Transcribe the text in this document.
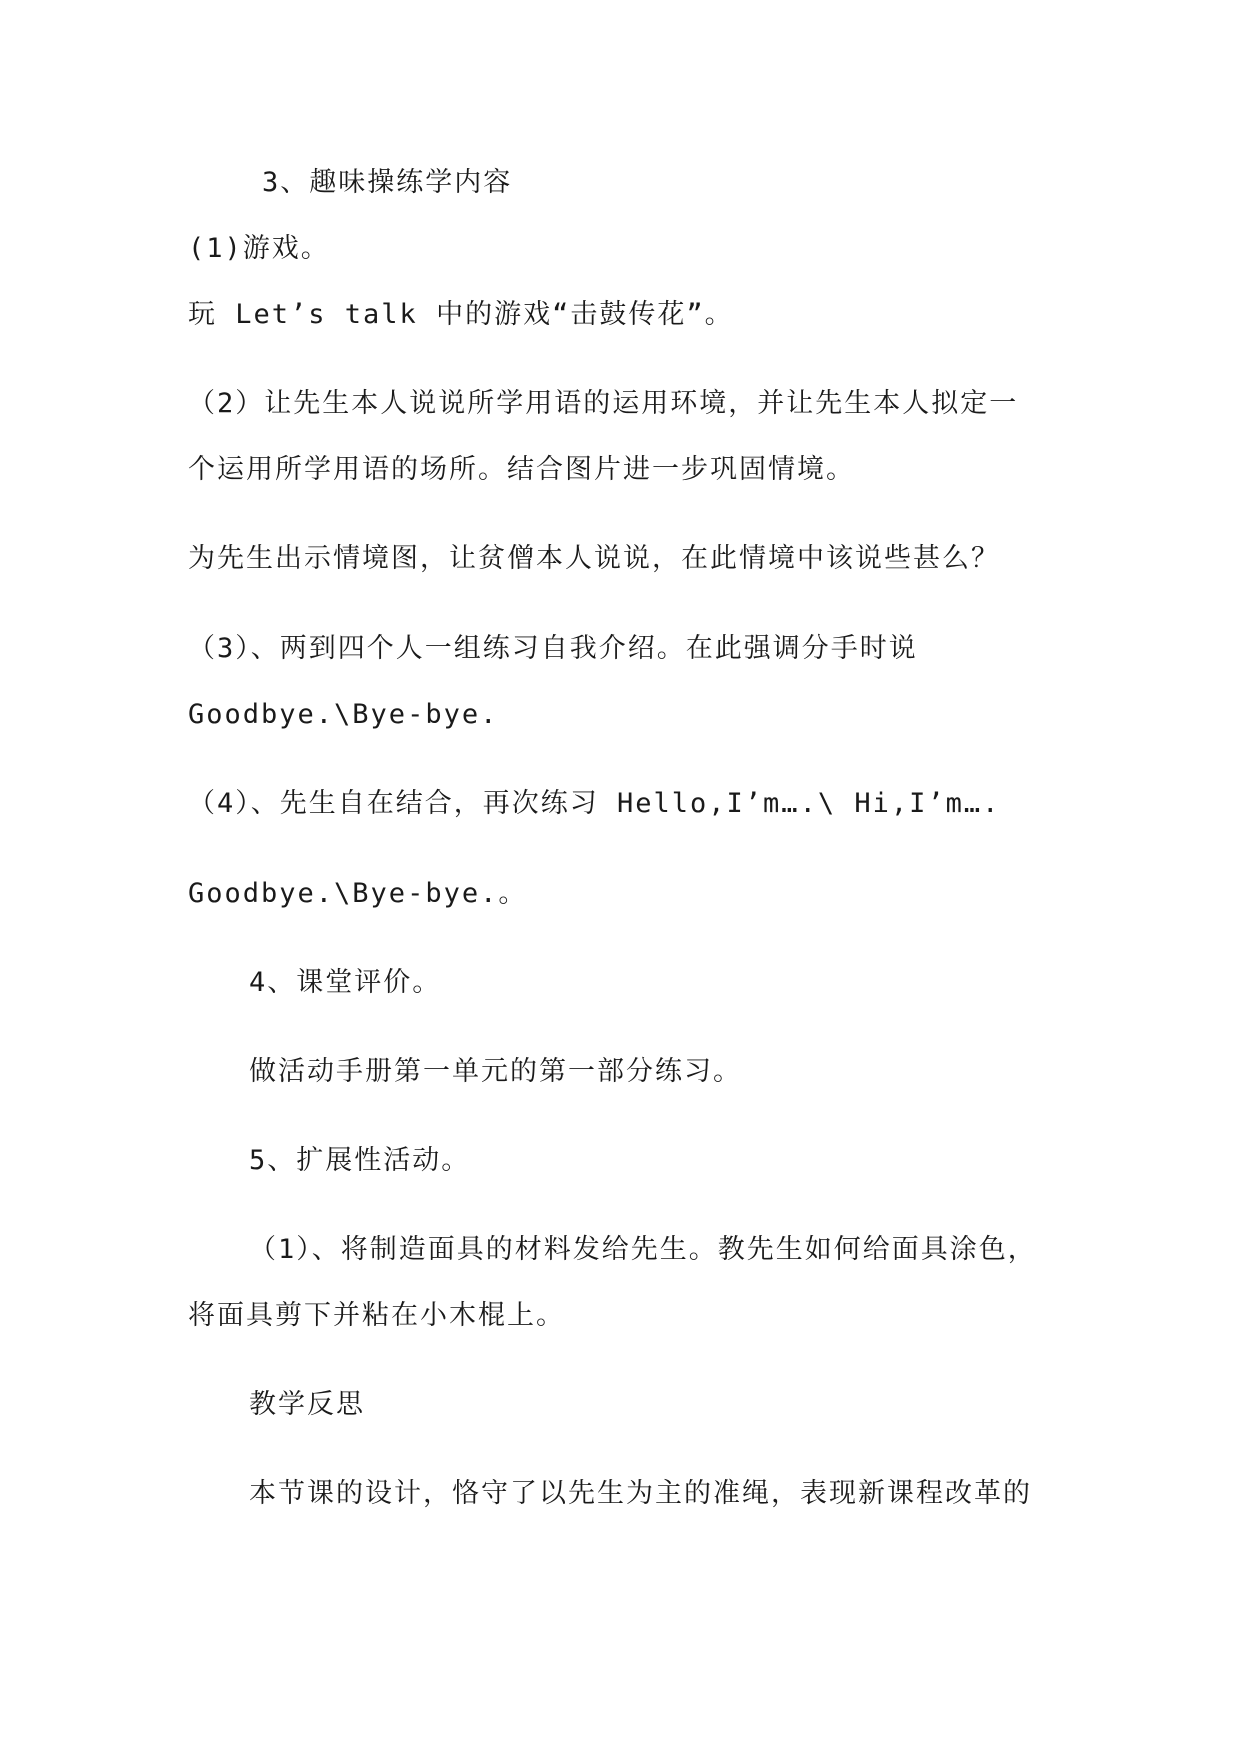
3、趣味操练学内容

(1)游戏。

玩 Let’s talk 中的游戏“击鼓传花”。

（2）让先生本人说说所学用语的运用环境，并让先生本人拟定一

个运用所学用语的场所。结合图片进一步巩固情境。

为先生出示情境图，让贫僧本人说说，在此情境中该说些甚么？

（3）、两到四个人一组练习自我介绍。在此强调分手时说

Goodbye.\Bye-bye.

（4）、先生自在结合，再次练习 Hello,I’m….\ Hi,I’m….

Goodbye.\Bye-bye.。

4、课堂评价。

做活动手册第一单元的第一部分练习。

5、扩展性活动。

（1）、将制造面具的材料发给先生。教先生如何给面具涂色，

将面具剪下并粘在小木棍上。

教学反思

本节课的设计，恪守了以先生为主的准绳，表现新课程改革的
